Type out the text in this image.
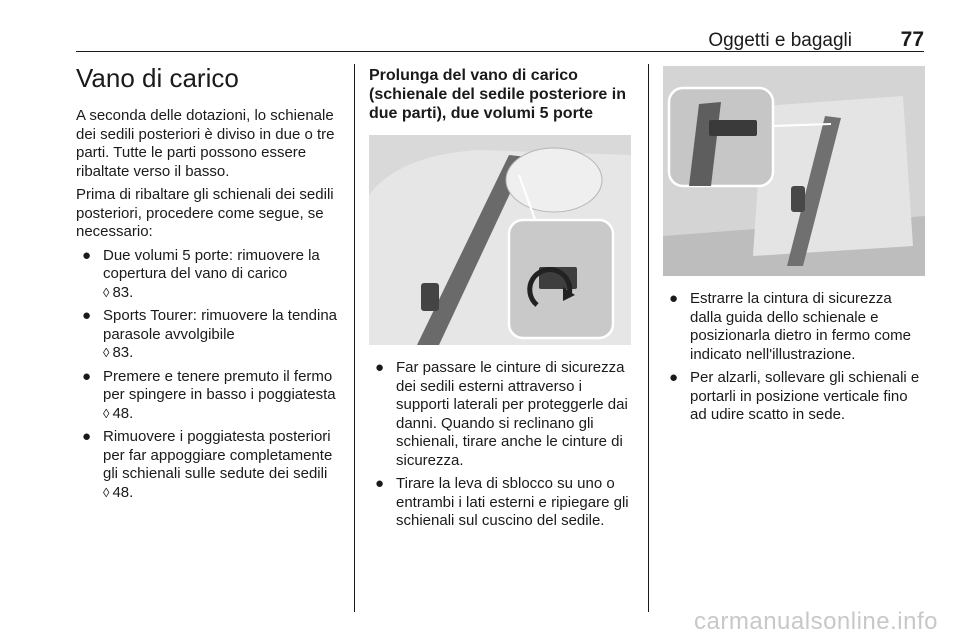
Oggetti e bagagli 77
Vano di carico

A seconda delle dotazioni, lo schienale dei sedili posteriori è diviso in due o tre parti. Tutte le parti possono essere ribaltate verso il basso.

Prima di ribaltare gli schienali dei sedili posteriori, procedere come segue, se necessario:

● Due volumi 5 porte: rimuovere la copertura del vano di carico
◊ 83.
● Sports Tourer: rimuovere la tendina parasole avvolgibile
◊ 83.
● Premere e tenere premuto il fermo per spingere in basso i poggiatesta ◊ 48.
● Rimuovere i poggiatesta posteriori per far appoggiare completamente gli schienali sulle sedute dei sedili ◊ 48.
Prolunga del vano di carico (schienale del sedile posteriore in due parti), due volumi 5 porte
● Far passare le cinture di sicurezza dei sedili esterni attraverso i supporti laterali per proteggerle dai danni. Quando si reclinano gli schienali, tirare anche le cinture di sicurezza.
● Tirare la leva di sblocco su uno o entrambi i lati esterni e ripiegare gli schienali sul cuscino del sedile.
● Estrarre la cintura di sicurezza dalla guida dello schienale e posizionarla dietro in fermo come indicato nell'illustrazione.
● Per alzarli, sollevare gli schienali e portarli in posizione verticale fino ad udire scatto in sede.
carmanualsonline.info
